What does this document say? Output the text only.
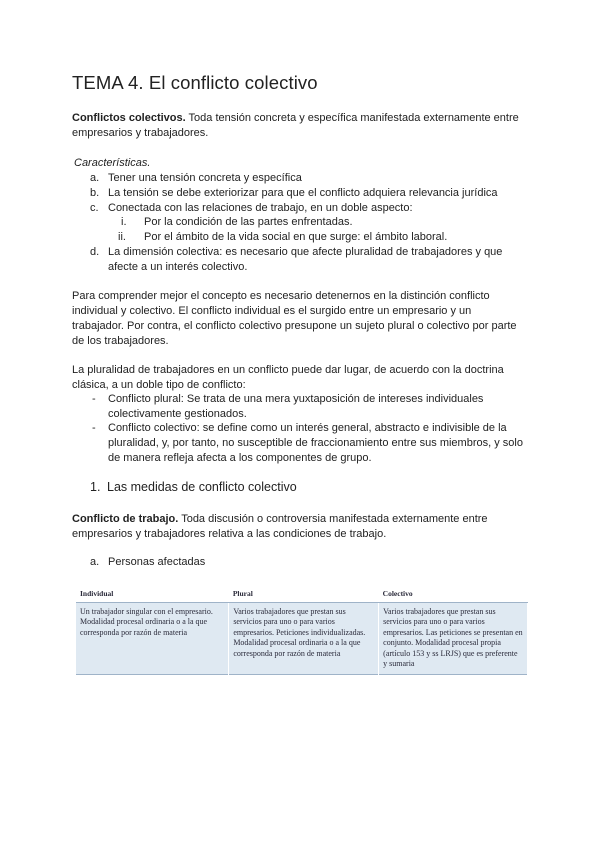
TEMA 4. El conflicto colectivo

Conflictos colectivos. Toda tensión concreta y específica manifestada externamente entre
empresarios y trabajadores.

Características.
a. Tener una tensión concreta y específica
b. La tensión se debe exteriorizar para que el conflicto adquiera relevancia jurídica
c. Conectada con las relaciones de trabajo, en un doble aspecto:
i. Por la condición de las partes enfrentadas.
ii. Por el ámbito de la vida social en que surge: el ámbito laboral.
d. La dimensión colectiva: es necesario que afecte pluralidad de trabajadores y que
afecte a un interés colectivo.

Para comprender mejor el concepto es necesario detenernos en la distinción conflicto
individual y colectivo. El conflicto individual es el surgido entre un empresario y un
trabajador. Por contra, el conflicto colectivo presupone un sujeto plural o colectivo por parte
de los trabajadores.

La pluralidad de trabajadores en un conflicto puede dar lugar, de acuerdo con la doctrina
clásica, a un doble tipo de conflicto:

- Conflicto plural: Se trata de una mera yuxtaposición de intereses individuales
colectivamente gestionados.
- Conflicto colectivo: se define como un interés general, abstracto e indivisible de la
pluralidad, y, por tanto, no susceptible de fraccionamiento entre sus miembros, y solo
de manera refleja afecta a los componentes de grupo.
1. Las medidas de conflicto colectivo

Conflicto de trabajo. Toda discusión o controversia manifestada externamente entre
empresarios y trabajadores relativa a las condiciones de trabajo.

a. Personas afectadas
Individual	Plural	Colectivo
Un trabajador singular con el empresario. Modalidad procesal ordinaria o a la que corresponda por razón de materia	Varios trabajadores que prestan sus servicios para uno o para varios empresarios. Peticiones individualizadas. Modalidad procesal ordinaria o a la que corresponda por razón de materia	Varios trabajadores que prestan sus servicios para uno o para varios empresarios. Las peticiones se presentan en conjunto. Modalidad procesal propia (artículo 153 y ss LRJS) que es preferente y sumaria
